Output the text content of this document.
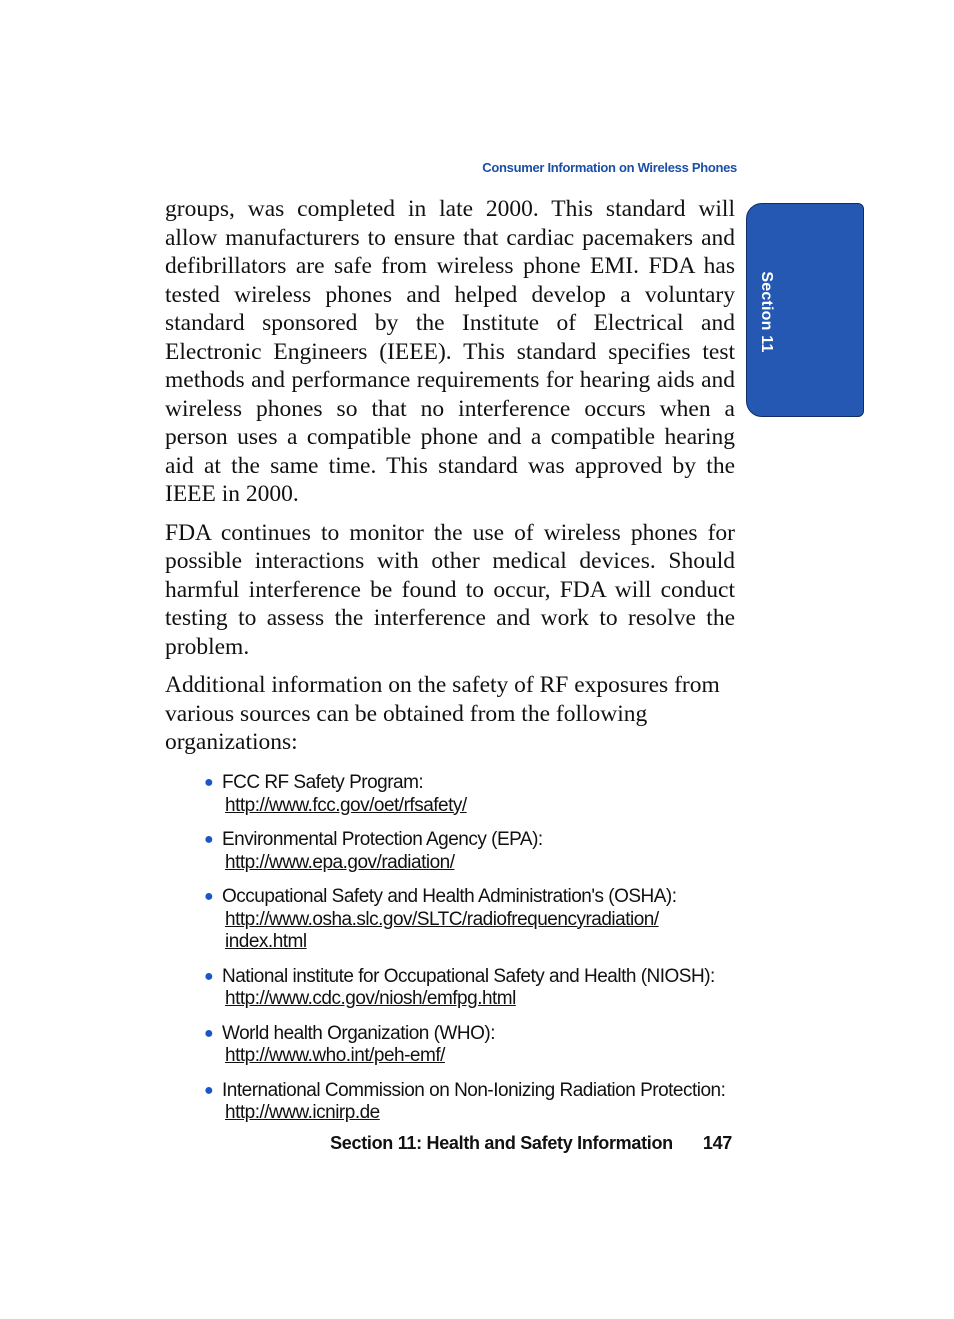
Consumer Information on Wireless Phones
Section 11

groups, was completed in late 2000. This standard will allow manufacturers to ensure that cardiac pacemakers and defibrillators are safe from wireless phone EMI. FDA has tested wireless phones and helped develop a voluntary standard sponsored by the Institute of Electrical and Electronic Engineers (IEEE). This standard specifies test methods and performance requirements for hearing aids and wireless phones so that no interference occurs when a person uses a compatible phone and a compatible hearing aid at the same time. This standard was approved by the IEEE in 2000.

FDA continues to monitor the use of wireless phones for possible interactions with other medical devices. Should harmful interference be found to occur, FDA will conduct testing to assess the interference and work to resolve the problem.

Additional information on the safety of RF exposures from various sources can be obtained from the following organizations:

● FCC RF Safety Program:
http://www.fcc.gov/oet/rfsafety/
● Environmental Protection Agency (EPA):
http://www.epa.gov/radiation/
● Occupational Safety and Health Administration's (OSHA):
http://www.osha.slc.gov/SLTC/radiofrequencyradiation/
index.html
● National institute for Occupational Safety and Health (NIOSH):
http://www.cdc.gov/niosh/emfpg.html
● World health Organization (WHO):
http://www.who.int/peh-emf/
● International Commission on Non-Ionizing Radiation Protection:
http://www.icnirp.de
Section 11: Health and Safety Information 147
